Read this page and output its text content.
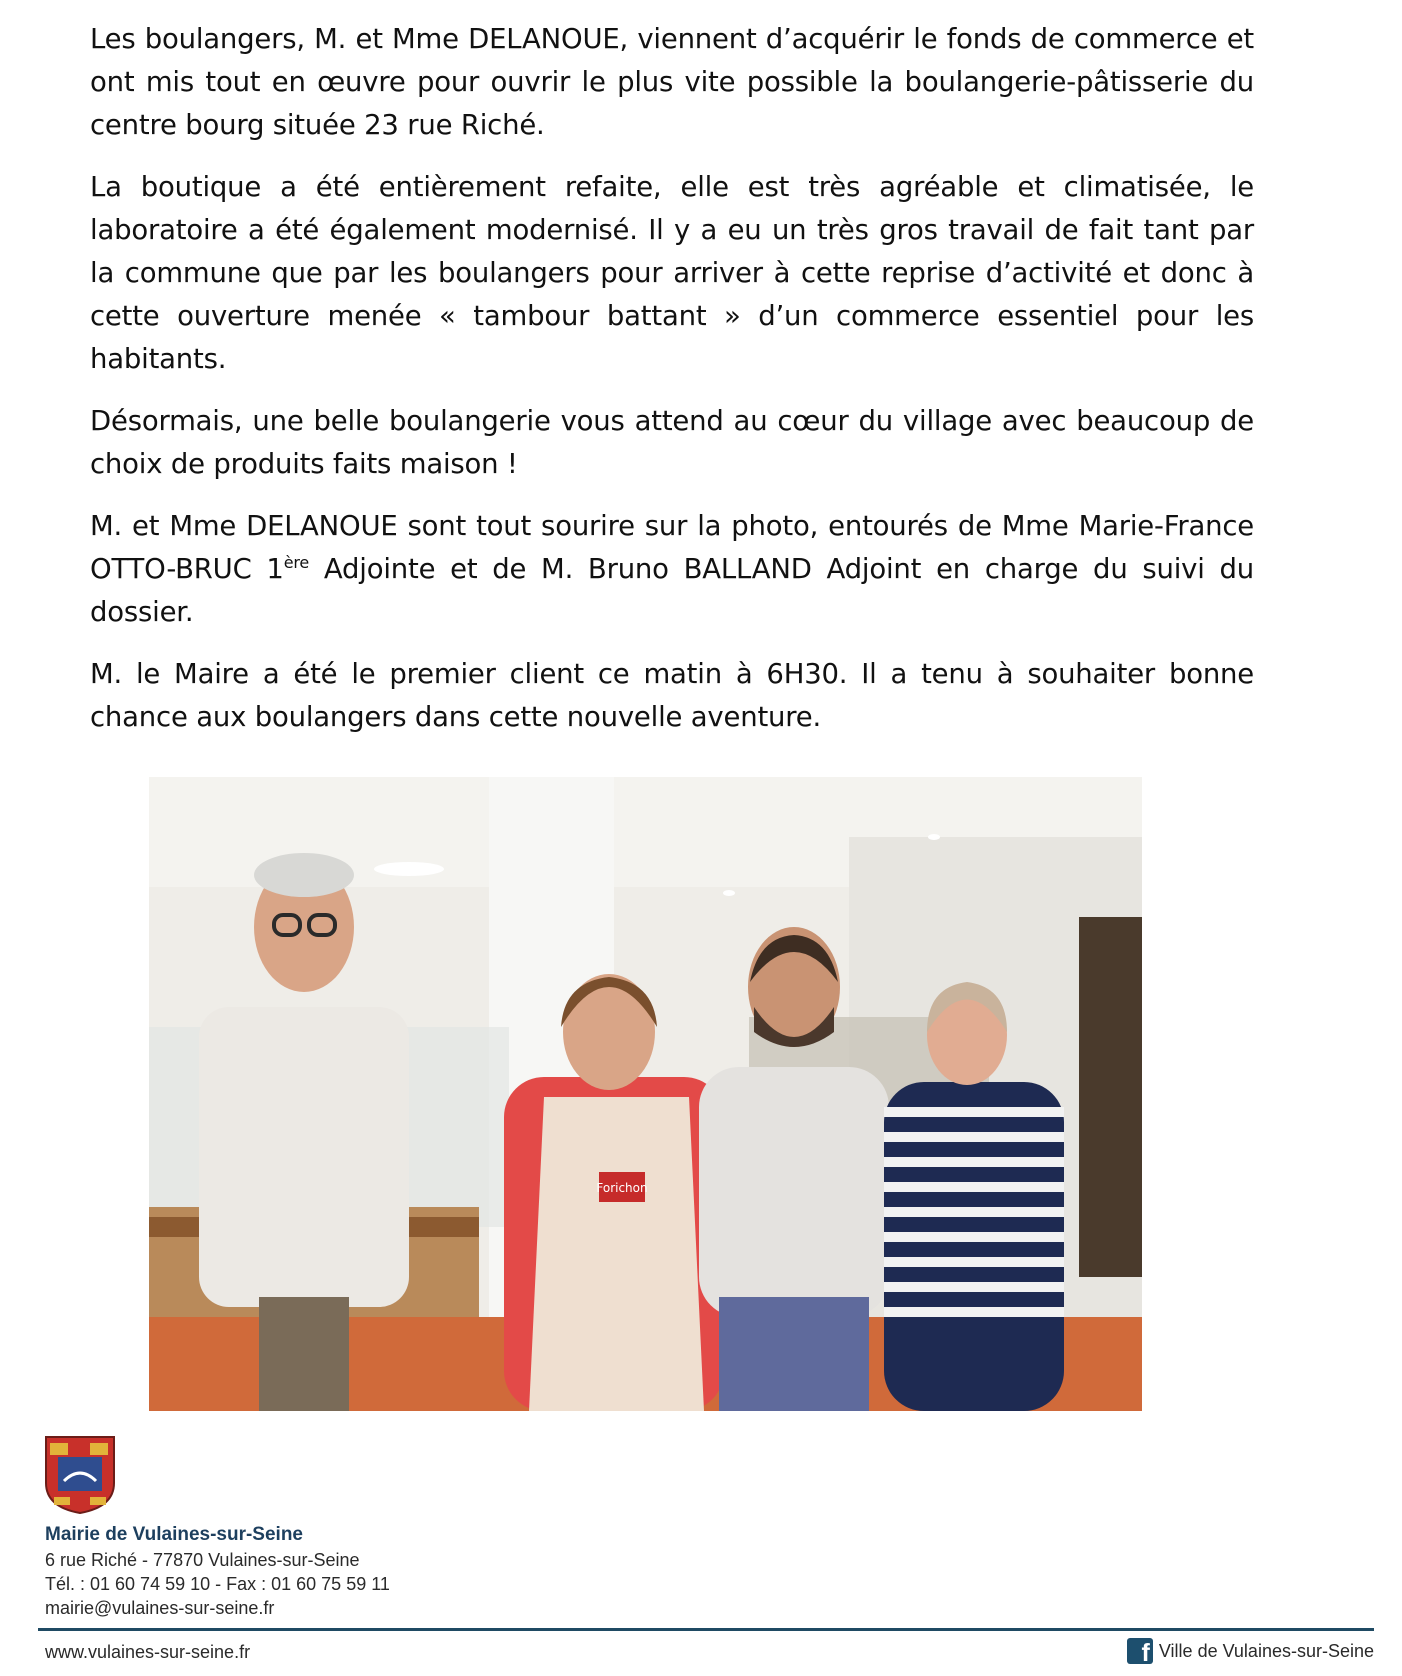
Les boulangers, M. et Mme DELANOUE, viennent d’acquérir le fonds de commerce et ont mis tout en œuvre pour ouvrir le plus vite possible la boulangerie-pâtisserie du centre bourg située 23 rue Riché.

La boutique a été entièrement refaite, elle est très agréable et climatisée, le laboratoire a été également modernisé. Il y a eu un très gros travail de fait tant par la commune que par les boulangers pour arriver à cette reprise d’activité et donc à cette ouverture menée « tambour battant » d’un commerce essentiel pour les habitants.

Désormais, une belle boulangerie vous attend au cœur du village avec beaucoup de choix de produits faits maison !

M. et Mme DELANOUE sont tout sourire sur la photo, entourés de Mme Marie-France OTTO-BRUC 1ère Adjointe et de M. Bruno BALLAND Adjoint en charge du suivi du dossier.

M. le Maire a été le premier client ce matin à 6H30. Il a tenu à souhaiter bonne chance aux boulangers dans cette nouvelle aventure.

Forichon
Mairie de Vulaines-sur-Seine
6 rue Riché - 77870 Vulaines-sur-Seine
Tél. : 01 60 74 59 10 - Fax : 01 60 75 59 11
mairie@vulaines-sur-seine.fr
www.vulaines-sur-seine.fr	f Ville de Vulaines-sur-Seine
